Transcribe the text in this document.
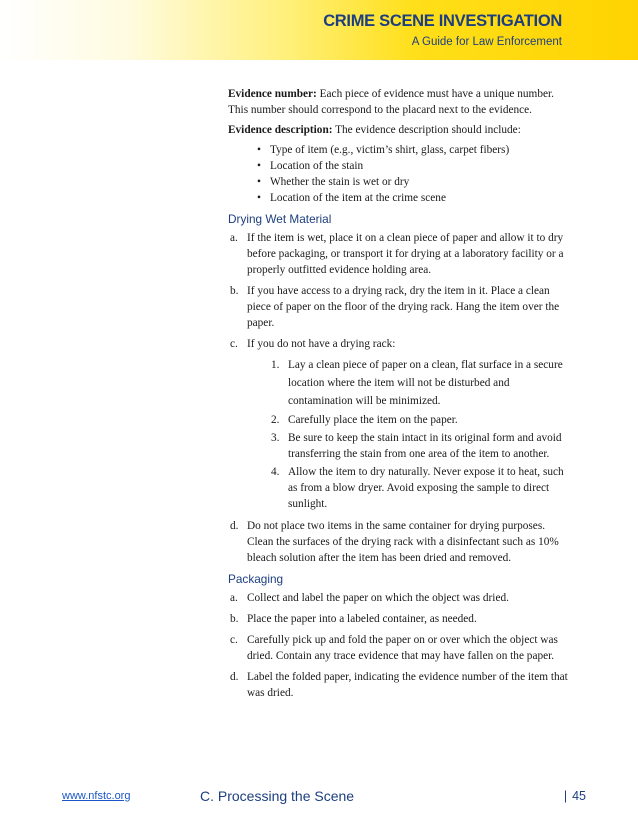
CRIME SCENE INVESTIGATION
A Guide for Law Enforcement

Evidence number: Each piece of evidence must have a unique number. This number should correspond to the placard next to the evidence.

Evidence description: The evidence description should include:

• Type of item (e.g., victim’s shirt, glass, carpet fibers)
• Location of the stain
• Whether the stain is wet or dry
• Location of the item at the crime scene
Drying Wet Material
a. If the item is wet, place it on a clean piece of paper and allow it to dry before packaging, or transport it for drying at a laboratory facility or a properly outfitted evidence holding area.
b. If you have access to a drying rack, dry the item in it. Place a clean piece of paper on the floor of the drying rack. Hang the item over the paper.
c. If you do not have a drying rack:
1. Lay a clean piece of paper on a clean, flat surface in a secure location where the item will not be disturbed and contamination will be minimized.
2. Carefully place the item on the paper.
3. Be sure to keep the stain intact in its original form and avoid transferring the stain from one area of the item to another.
4. Allow the item to dry naturally. Never expose it to heat, such as from a blow dryer. Avoid exposing the sample to direct sunlight.
d. Do not place two items in the same container for drying purposes. Clean the surfaces of the drying rack with a disinfectant such as 10% bleach solution after the item has been dried and removed.
Packaging
a. Collect and label the paper on which the object was dried.
b. Place the paper into a labeled container, as needed.
c. Carefully pick up and fold the paper on or over which the object was dried. Contain any trace evidence that may have fallen on the paper.
d. Label the folded paper, indicating the evidence number of the item that was dried.
www.nfstc.org	C. Processing the Scene	| 45
